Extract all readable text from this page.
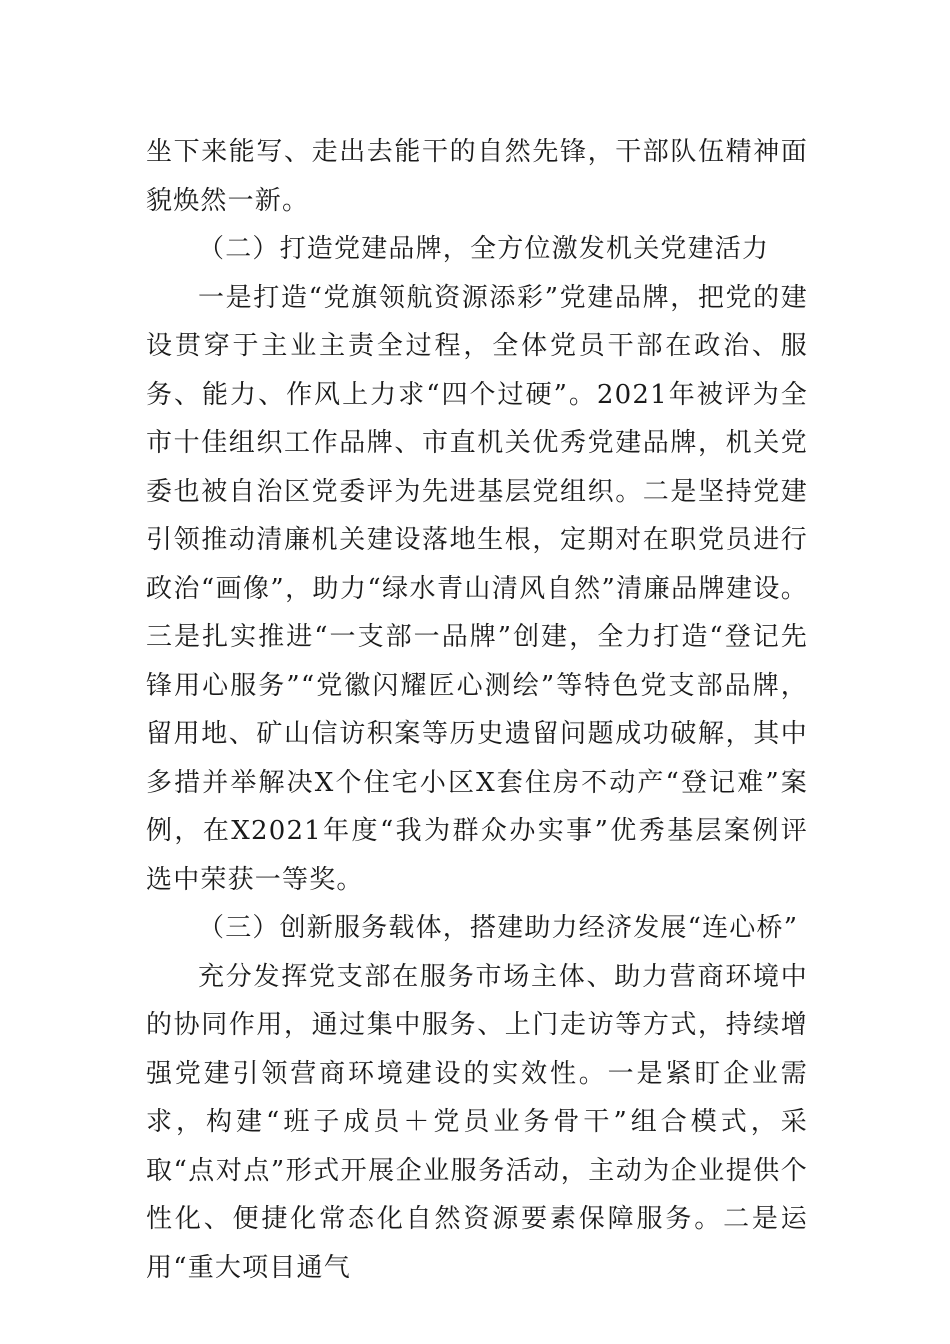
坐下来能写、走出去能干的自然先锋，干部队伍精神面貌焕然一新。

（二）打造党建品牌，全方位激发机关党建活力

一是打造“党旗领航资源添彩”党建品牌，把党的建设贯穿于主业主责全过程，全体党员干部在政治、服务、能力、作风上力求“四个过硬”。2021年被评为全市十佳组织工作品牌、市直机关优秀党建品牌，机关党委也被自治区党委评为先进基层党组织。二是坚持党建引领推动清廉机关建设落地生根，定期对在职党员进行政治“画像”，助力“绿水青山清风自然”清廉品牌建设。三是扎实推进“一支部一品牌”创建，全力打造“登记先锋用心服务”“党徽闪耀匠心测绘”等特色党支部品牌，留用地、矿山信访积案等历史遗留问题成功破解，其中多措并举解决X个住宅小区X套住房不动产“登记难”案例，在X2021年度“我为群众办实事”优秀基层案例评选中荣获一等奖。

（三）创新服务载体，搭建助力经济发展“连心桥”

充分发挥党支部在服务市场主体、助力营商环境中的协同作用，通过集中服务、上门走访等方式，持续增强党建引领营商环境建设的实效性。一是紧盯企业需求，构建“班子成员＋党员业务骨干”组合模式，采取“点对点”形式开展企业服务活动，主动为企业提供个性化、便捷化常态化自然资源要素保障服务。二是运用“重大项目通气
